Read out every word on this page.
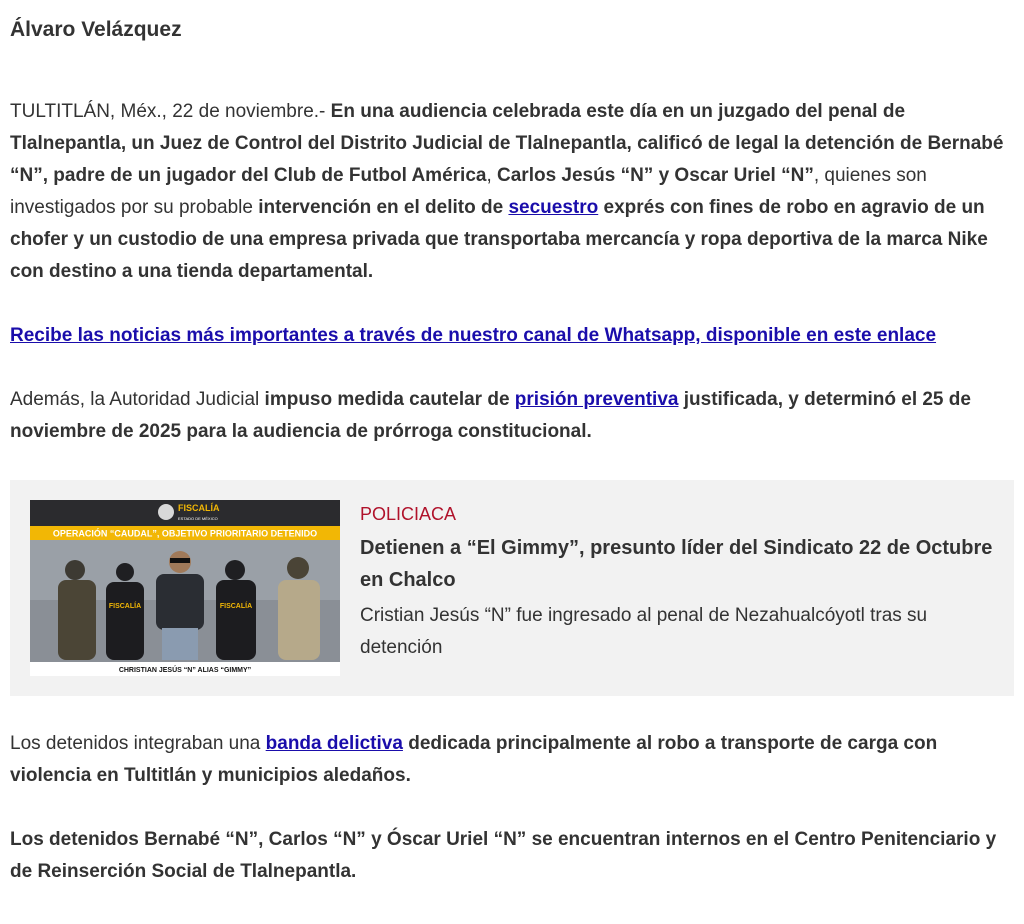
Álvaro Velázquez

TULTITLÁN, Méx., 22 de noviembre.- En una audiencia celebrada este día en un juzgado del penal de Tlalnepantla, un Juez de Control del Distrito Judicial de Tlalnepantla, calificó de legal la detención de Bernabé “N”, padre de un jugador del Club de Futbol América, Carlos Jesús “N” y Oscar Uriel “N”, quienes son investigados por su probable intervención en el delito de secuestro exprés con fines de robo en agravio de un chofer y un custodio de una empresa privada que transportaba mercancía y ropa deportiva de la marca Nike con destino a una tienda departamental.

Recibe las noticias más importantes a través de nuestro canal de Whatsapp, disponible en este enlace

Además, la Autoridad Judicial impuso medida cautelar de prisión preventiva justificada, y determinó el 25 de noviembre de 2025 para la audiencia de prórroga constitucional.

FISCALÍA
ESTADO DE MÉXICO
OPERACIÓN “CAUDAL”, OBJETIVO PRIORITARIO DETENIDO
FISCALÍA	FISCALÍA
CHRISTIAN JESÚS “N” ALIAS “GIMMY”
POLICIACA
Detienen a “El Gimmy”, presunto líder del Sindicato 22 de Octubre en Chalco
Cristian Jesús “N” fue ingresado al penal de Nezahualcóyotl tras su detención

Los detenidos integraban una banda delictiva dedicada principalmente al robo a transporte de carga con violencia en Tultitlán y municipios aledaños.

Los detenidos Bernabé “N”, Carlos “N” y Óscar Uriel “N” se encuentran internos en el Centro Penitenciario y de Reinserción Social de Tlalnepantla.
